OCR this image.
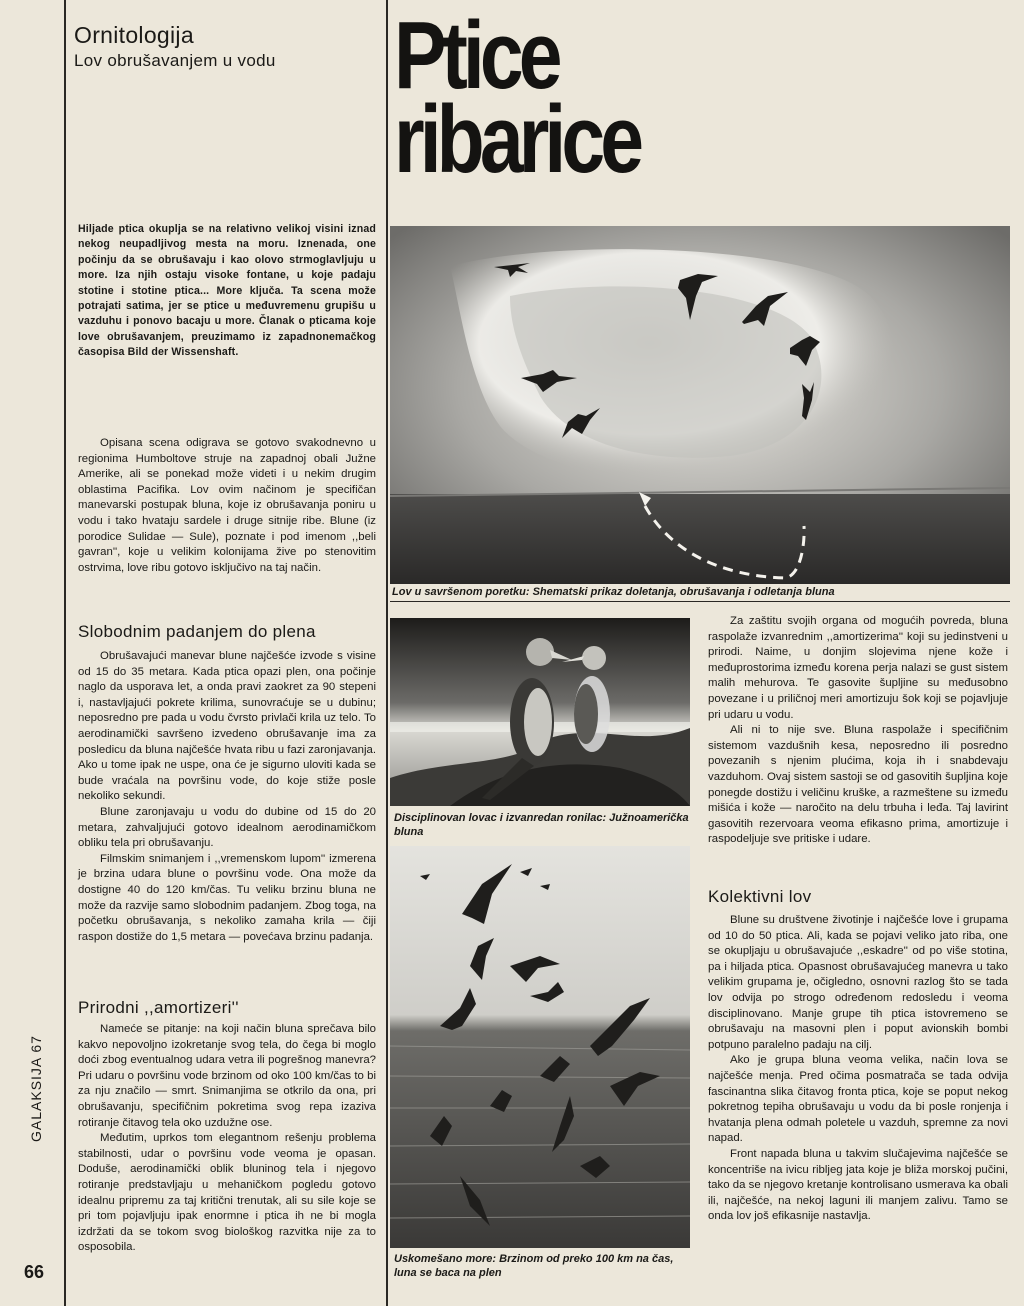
Ornitologija
Lov obrušavanjem u vodu Ptice
ribarice
Hiljade ptica okuplja se na relativno velikoj visini iznad nekog neupadljivog mesta na moru. Iznenada, one počinju da se obrušavaju i kao olovo strmoglavljuju u more. Iza njih ostaju visoke fontane, u koje padaju stotine i stotine ptica... More ključa. Ta scena može potrajati satima, jer se ptice u međuvremenu grupišu u vazduhu i ponovo bacaju u more. Članak o pticama koje love obrušavanjem, preuzimamo iz zapadnonemačkog časopisa Bild der Wissenshaft.
Lov u savršenom poretku: Shematski prikaz doletanja, obrušavanja i odletanja bluna
Disciplinovan lovac i izvanredan ronilac: Južnoamerička bluna
Uskomešano more: Brzinom od preko 100 km na čas, luna se baca na plen

Opisana scena odigrava se gotovo svakodnevno u regionima Humboltove struje na zapadnoj obali Južne Amerike, ali se ponekad može videti i u nekim drugim oblastima Pacifika. Lov ovim načinom je specifičan manevarski postupak bluna, koje iz obrušavanja poniru u vodu i tako hvataju sardele i druge sitnije ribe. Blune (iz porodice Sulidae — Sule), poznate i pod imenom ,,beli gavran'', koje u velikim kolonijama žive po stenovitim ostrvima, love ribu gotovo isključivo na taj način.

Slobodnim padanjem do plena

Obrušavajući manevar blune najčešće izvode s visine od 15 do 35 metara. Kada ptica opazi plen, ona počinje naglo da usporava let, a onda pravi zaokret za 90 stepeni i, nastavljajući pokrete krilima, sunovraćuje se u dubinu; neposredno pre pada u vodu čvrsto privlači krila uz telo. To aerodinamički savršeno izvedeno obrušavanje ima za posledicu da bluna najčešće hvata ribu u fazi zaronjavanja. Ako u tome ipak ne uspe, ona će je sigurno uloviti kada se bude vraćala na površinu vode, do koje stiže posle nekoliko sekundi.

Blune zaronjavaju u vodu do dubine od 15 do 20 metara, zahvaljujući gotovo idealnom aerodinamičkom obliku tela pri obrušavanju.

Filmskim snimanjem i ,,vremenskom lupom'' izmerena je brzina udara blune o površinu vode. Ona može da dostigne 40 do 120 km/čas. Tu veliku brzinu bluna ne može da razvije samo slobodnim padanjem. Zbog toga, na početku obrušavanja, s nekoliko zamaha krila — čiji raspon dostiže do 1,5 metara — povećava brzinu padanja.

Prirodni ,,amortizeri''

Nameće se pitanje: na koji način bluna sprečava bilo kakvo nepovoljno izokretanje svog tela, do čega bi moglo doći zbog eventualnog udara vetra ili pogrešnog manevra? Pri udaru o površinu vode brzinom od oko 100 km/čas to bi za nju značilo — smrt. Snimanjima se otkrilo da ona, pri obrušavanju, specifičnim pokretima svog repa izaziva rotiranje čitavog tela oko uzdužne ose.

Međutim, uprkos tom elegantnom rešenju problema stabilnosti, udar o površinu vode veoma je opasan. Doduše, aerodinamički oblik bluninog tela i njegovo rotiranje predstavljaju u mehaničkom pogledu gotovo idealnu pripremu za taj kritični trenutak, ali su sile koje se pri tom pojavljuju ipak enormne i ptica ih ne bi mogla izdržati da se tokom svog biološkog razvitka nije za to osposobila.

Za zaštitu svojih organa od mogućih povreda, bluna raspolaže izvanrednim ,,amortizerima'' koji su jedinstveni u prirodi. Naime, u donjim slojevima njene kože i međuprostorima između korena perja nalazi se gust sistem malih mehurova. Te gasovite šupljine su međusobno povezane i u priličnoj meri amortizuju šok koji se pojavljuje pri udaru u vodu.

Ali ni to nije sve. Bluna raspolaže i specifičnim sistemom vazdušnih kesa, neposredno ili posredno povezanih s njenim plućima, koja ih i snabdevaju vazduhom. Ovaj sistem sastoji se od gasovitih šupljina koje ponegde dostižu i veličinu kruške, a razmeštene su između mišića i kože — naročito na delu trbuha i leđa. Taj lavirint gasovitih rezervoara veoma efikasno prima, amortizuje i raspodeljuje sve pritiske i udare.

Kolektivni lov

Blune su društvene životinje i najčešće love i grupama od 10 do 50 ptica. Ali, kada se pojavi veliko jato riba, one se okupljaju u obrušavajuće ,,eskadre'' od po više stotina, pa i hiljada ptica. Opasnost obrušavajućeg manevra u tako velikim grupama je, očigledno, osnovni razlog što se tada lov odvija po strogo određenom redosledu i veoma disciplinovano. Manje grupe tih ptica istovremeno se obrušavaju na masovni plen i poput avionskih bombi potpuno paralelno padaju na cilj.

Ako je grupa bluna veoma velika, način lova se najčešće menja. Pred očima posmatrača se tada odvija fascinantna slika čitavog fronta ptica, koje se poput nekog pokretnog tepiha obrušavaju u vodu da bi posle ronjenja i hvatanja plena odmah poletele u vazduh, spremne za novi napad.

Front napada bluna u takvim slučajevima najčešće se koncentriše na ivicu ribljeg jata koje je bliža morskoj pučini, tako da se njegovo kretanje kontrolisano usmerava ka obali ili, najčešće, na nekoj laguni ili manjem zalivu. Tamo se onda lov još efikasnije nastavlja.

GALAKSIJA 67
66
